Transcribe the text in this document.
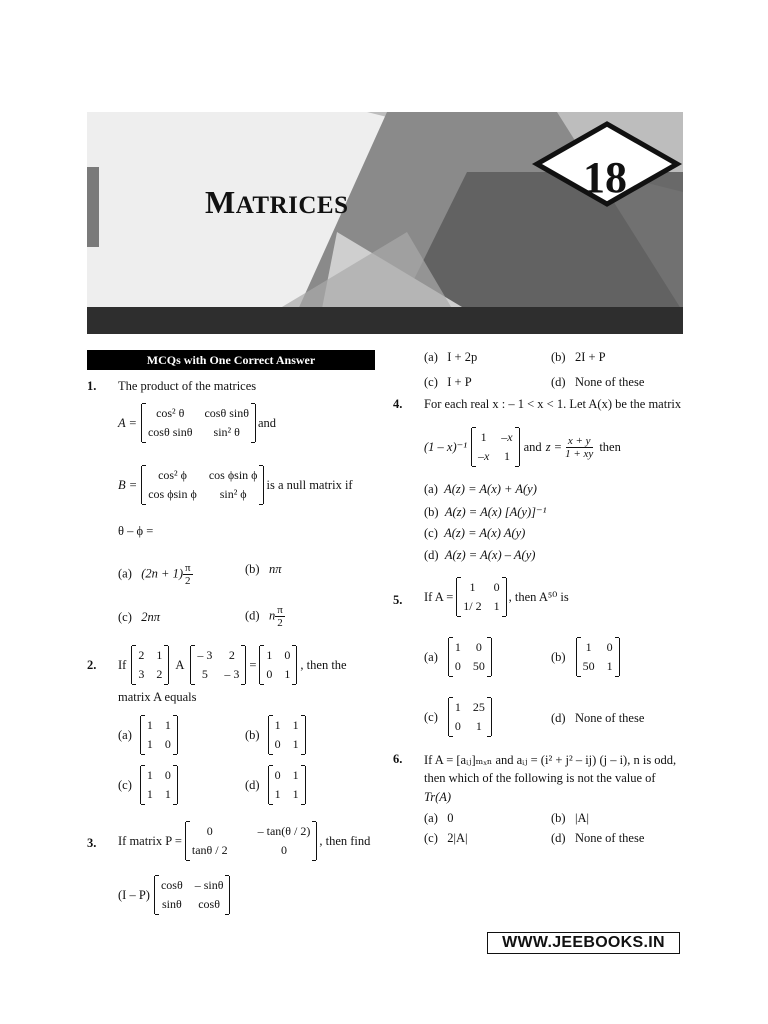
MATRICES
18
MCQs with One Correct Answer
1. The product of the matrices
A =
cos² θ	cosθ sinθ
cosθ sinθ	sin² θ
and
B =
cos² ϕ	cos ϕsin ϕ
cos ϕsin ϕ	sin² ϕ
is a null matrix if
θ – ϕ =
(a) $(2n + 1) \frac{\pi}{2}$	(b) nπ
(c) 2nπ	(d) n $\frac{\pi}{2}$
2. If
2 1
3 2
A
– 3	2
5	– 3
=
1 0
0 1
, then the
matrix A equals
(a)
1 1
1 0
(b)
1 1
0 1
(c)
1 0
1 1
(d)
0 1
1 1
3. If matrix P =
0	– tan(θ / 2)
tanθ / 2	0
, then find
(I – P)
cosθ – sinθ
sinθ cosθ
(a) I + 2p	(b) 2I + P
(c) I + P	(d) None of these
4. For each real x : – 1 < x < 1. Let A(x) be the matrix
(1 – x)⁻¹
1 –x
–x 1
and $z = \frac{x + y}{1 + xy}$ then
(a) A(z) = A(x) + A(y)
(b) A(z) = A(x) [A(y)]⁻¹
(c) A(z) = A(x) A(y)
(d) A(z) = A(x) – A(y)
5. If A =
1	0
1/ 2 1
, then A⁵⁰ is
(a)
1 0
0 50
(b)
1 0
50 1
(c)
1 25
0 1
(d) None of these
6. If A = [aᵢⱼ]ₘₓₙ and aᵢⱼ = (i² + j² – ij) (j – i), n is odd,
then which of the following is not the value of
Tr(A)
(a) 0	(b) |A|
(c) 2|A|	(d) None of these
WWW.JEEBOOKS.IN
